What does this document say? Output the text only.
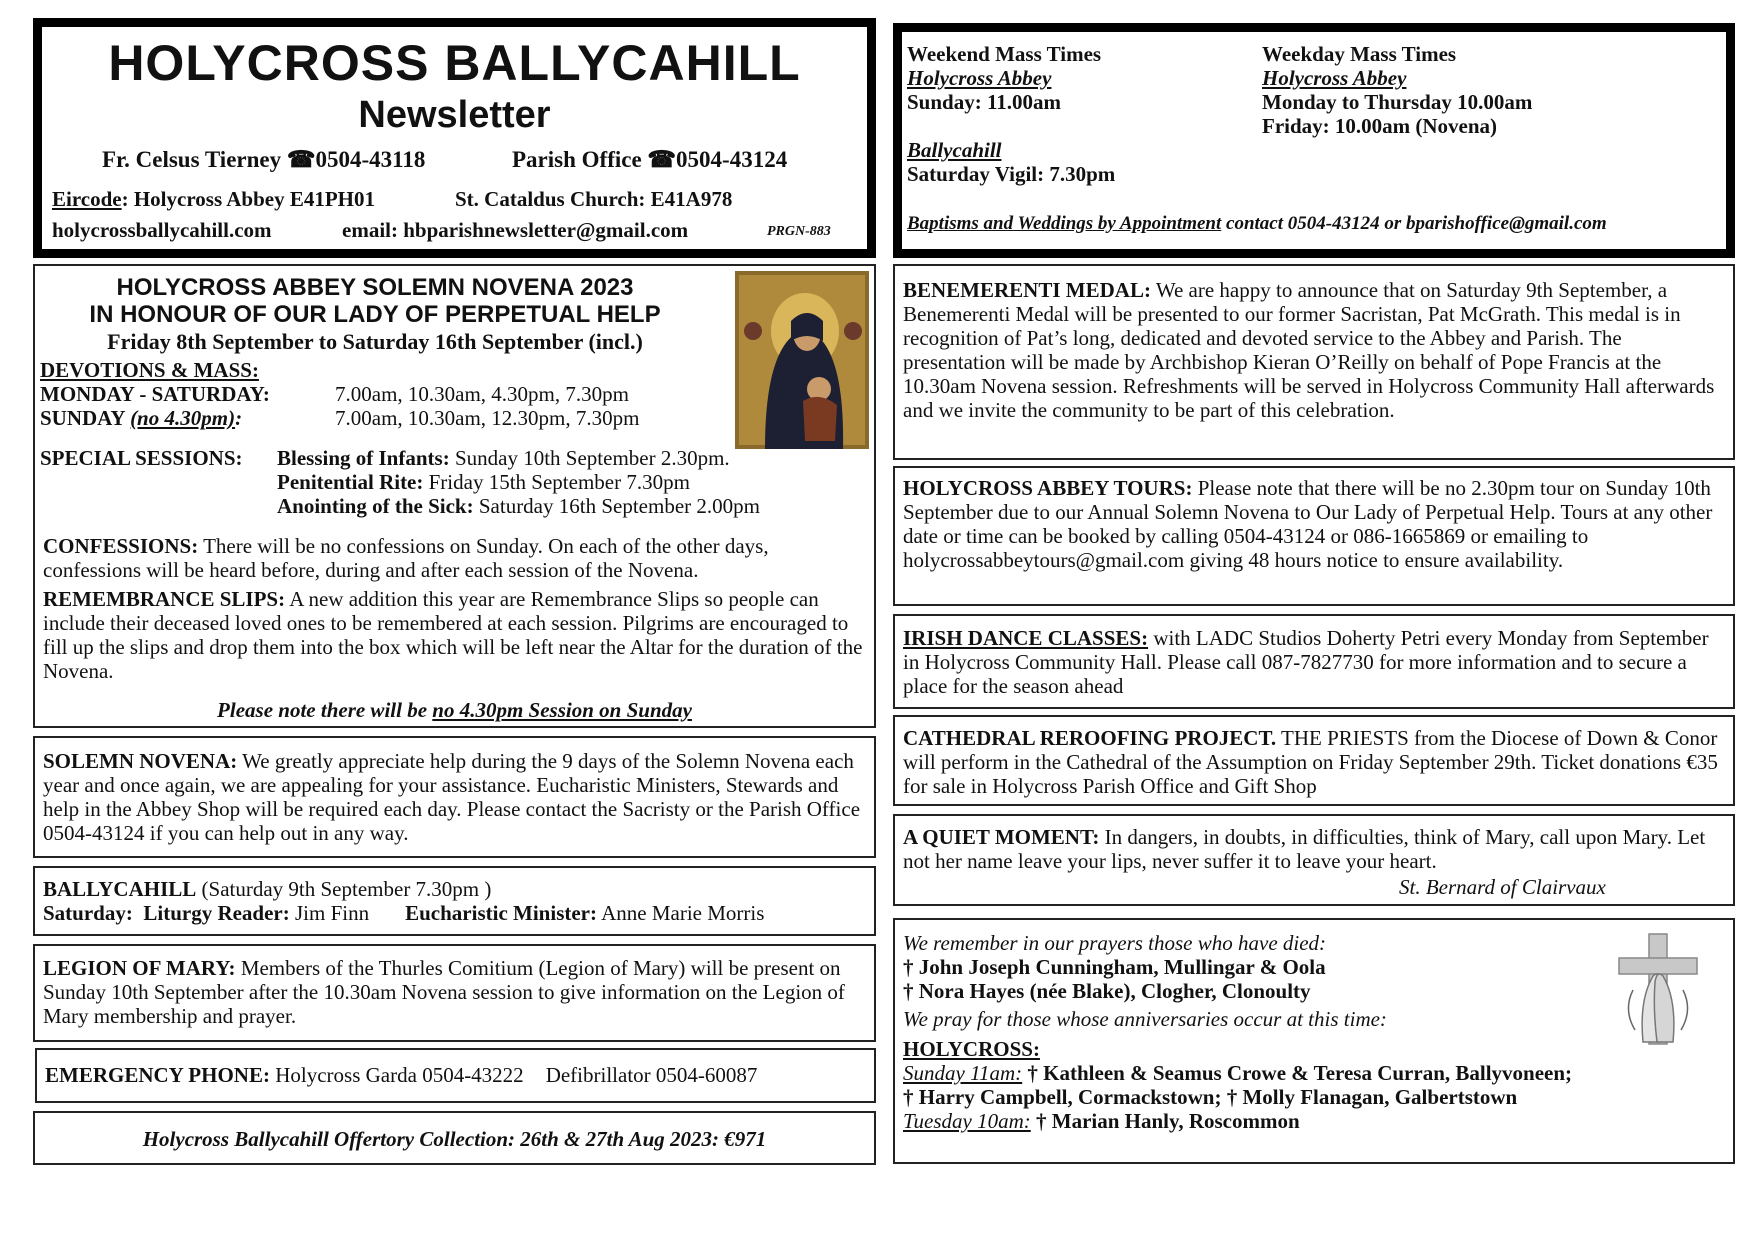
HOLYCROSS BALLYCAHILL
Newsletter
Fr. Celsus Tierney ☎0504-43118	Parish Office ☎0504-43124
Eircode: Holycross Abbey E41PH01	St. Cataldus Church: E41A978
holycrossballycahill.com	email: hbparishnewsletter@gmail.com	PRGN-883
Weekend Mass Times
Holycross Abbey
Sunday: 11.00am
Ballycahill
Saturday Vigil: 7.30pm
Weekday Mass Times
Holycross Abbey
Monday to Thursday 10.00am
Friday: 10.00am (Novena)
Baptisms and Weddings by Appointment contact 0504-43124 or bparishoffice@gmail.com
HOLYCROSS ABBEY SOLEMN NOVENA 2023
IN HONOUR OF OUR LADY OF PERPETUAL HELP
Friday 8th September to Saturday 16th September (incl.)
DEVOTIONS & MASS:
MONDAY - SATURDAY:	7.00am, 10.30am, 4.30pm, 7.30pm
SUNDAY (no 4.30pm):	7.00am, 10.30am, 12.30pm, 7.30pm
SPECIAL SESSIONS: Blessing of Infants: Sunday 10th September 2.30pm.
Penitential Rite: Friday 15th September 7.30pm
Anointing of the Sick: Saturday 16th September 2.00pm

CONFESSIONS: There will be no confessions on Sunday. On each of the other days, confessions will be heard before, during and after each session of the Novena.

REMEMBRANCE SLIPS: A new addition this year are Remembrance Slips so people can include their deceased loved ones to be remembered at each session. Pilgrims are encouraged to fill up the slips and drop them into the box which will be left near the Altar for the duration of the Novena.

Please note there will be no 4.30pm Session on Sunday

SOLEMN NOVENA: We greatly appreciate help during the 9 days of the Solemn Novena each year and once again, we are appealing for your assistance. Eucharistic Ministers, Stewards and help in the Abbey Shop will be required each day. Please contact the Sacristy or the Parish Office 0504-43124 if you can help out in any way.

BALLYCAHILL (Saturday 9th September 7.30pm )
Saturday: Liturgy Reader: Jim Finn Eucharistic Minister: Anne Marie Morris

LEGION OF MARY: Members of the Thurles Comitium (Legion of Mary) will be present on Sunday 10th September after the 10.30am Novena session to give information on the Legion of Mary membership and prayer.

EMERGENCY PHONE: Holycross Garda 0504-43222 Defibrillator 0504-60087
Holycross Ballycahill Offertory Collection: 26th & 27th Aug 2023: €971

BENEMERENTI MEDAL: We are happy to announce that on Saturday 9th September, a Benemerenti Medal will be presented to our former Sacristan, Pat McGrath. This medal is in recognition of Pat’s long, dedicated and devoted service to the Abbey and Parish. The presentation will be made by Archbishop Kieran O’Reilly on behalf of Pope Francis at the 10.30am Novena session. Refreshments will be served in Holycross Community Hall afterwards and we invite the community to be part of this celebration.

HOLYCROSS ABBEY TOURS: Please note that there will be no 2.30pm tour on Sunday 10th September due to our Annual Solemn Novena to Our Lady of Perpetual Help. Tours at any other date or time can be booked by calling 0504-43124 or 086-1665869 or emailing to holycrossabbeytours@gmail.com giving 48 hours notice to ensure availability.

IRISH DANCE CLASSES: with LADC Studios Doherty Petri every Monday from September in Holycross Community Hall. Please call 087-7827730 for more information and to secure a place for the season ahead

CATHEDRAL REROOFING PROJECT. THE PRIESTS from the Diocese of Down & Conor will perform in the Cathedral of the Assumption on Friday September 29th. Ticket donations €35 for sale in Holycross Parish Office and Gift Shop

A QUIET MOMENT: In dangers, in doubts, in difficulties, think of Mary, call upon Mary. Let not her name leave your lips, never suffer it to leave your heart.

St. Bernard of Clairvaux
We remember in our prayers those who have died:
† John Joseph Cunningham, Mullingar & Oola
† Nora Hayes (née Blake), Clogher, Clonoulty
We pray for those whose anniversaries occur at this time:
HOLYCROSS:
Sunday 11am: † Kathleen & Seamus Crowe & Teresa Curran, Ballyvoneen;
† Harry Campbell, Cormackstown; † Molly Flanagan, Galbertstown
Tuesday 10am: † Marian Hanly, Roscommon
